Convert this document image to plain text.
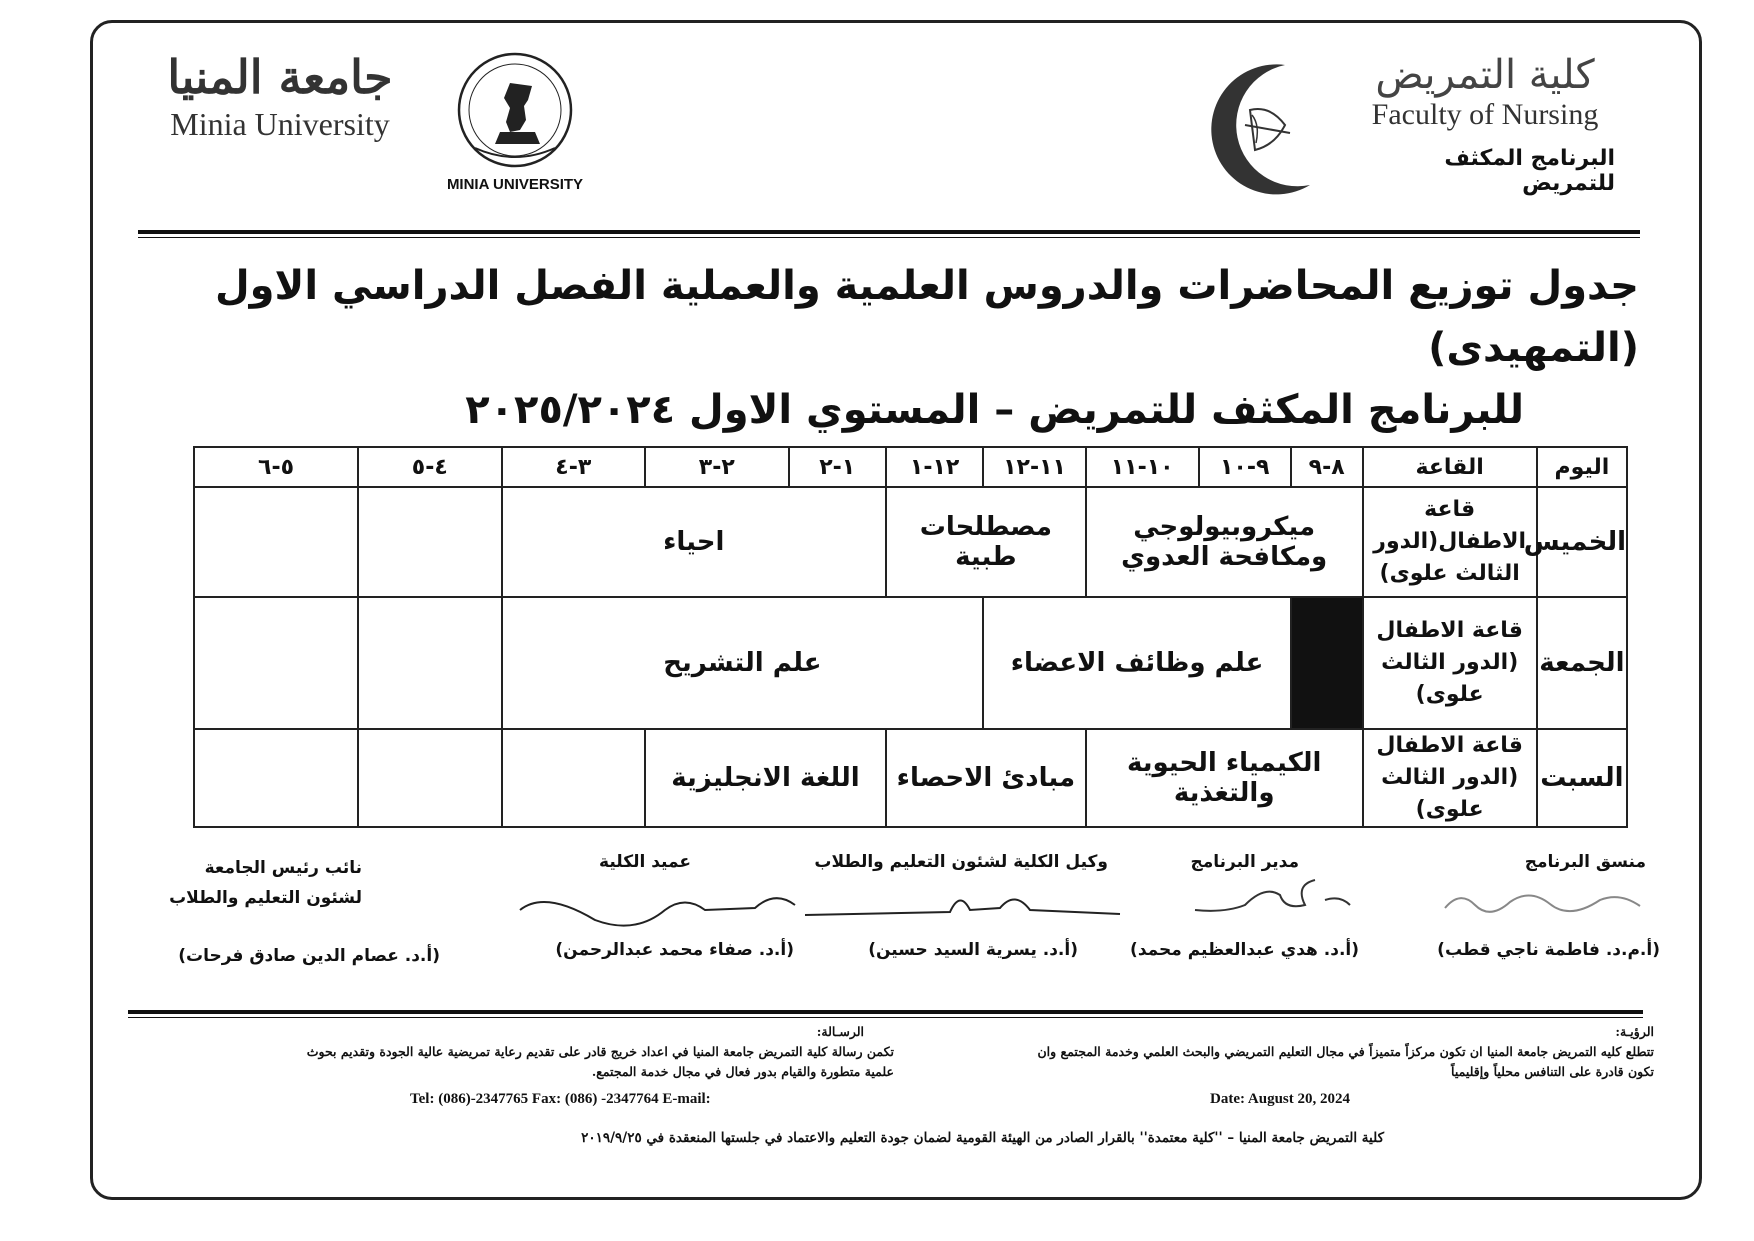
جامعة المنيا
Minia University
MINIA UNIVERSITY
كلية التمريض
Faculty of Nursing
البرنامج المكثف للتمريض
جدول توزيع المحاضرات والدروس العلمية والعملية الفصل الدراسي الاول (التمهيدى)
للبرنامج المكثف للتمريض – المستوي الاول ٢٠٢٥/٢٠٢٤
اليوم	القاعة	٨-٩	٩-١٠	١٠-١١	١١-١٢	١٢-١	١-٢	٢-٣	٣-٤	٤-٥	٥-٦
الخميس	قاعة الاطفال(الدور الثالث علوى)	ميكروبيولوجي ومكافحة العدوي			مصطلحات طبية		احياء				
الجمعة	قاعة الاطفال (الدور الثالث علوى)		علم وظائف الاعضاء			علم التشريح					
السبت	قاعة الاطفال (الدور الثالث علوى)	الكيمياء الحيوية والتغذية			مبادئ الاحصاء		اللغة الانجليزية				
منسق البرنامج
(أ.م.د. فاطمة ناجي قطب)
مدير البرنامج
(أ.د. هدي عبدالعظيم محمد)
وكيل الكلية لشئون التعليم والطلاب
(أ.د. يسرية السيد حسين)
عميد الكلية
(أ.د. صفاء محمد عبدالرحمن)
نائب رئيس الجامعة
لشئون التعليم والطلاب
(أ.د. عصام الدين صادق فرحات)
الرؤيـة:
تتطلع كليه التمريض جامعة المنيا ان تكون مركزاً متميزاً في مجال التعليم التمريضي والبحث العلمي وخدمة المجتمع وان
تكون قادرة على التنافس محلياً وإقليمياً
الرسـالة:
تكمن رسالة كلية التمريض جامعة المنيا في اعداد خريج قادر على تقديم رعاية تمريضية عالية الجودة وتقديم بحوث
علمية متطورة والقيام بدور فعال في مجال خدمة المجتمع.
Tel: (086)-2347765 Fax: (086) -2347764 E-mail:	Date: August 20, 2024
كلية التمريض جامعة المنيا – ''كلية معتمدة'' بالقرار الصادر من الهيئة القومية لضمان جودة التعليم والاعتماد في جلستها المنعقدة في ٢٠١٩/٩/٢٥
